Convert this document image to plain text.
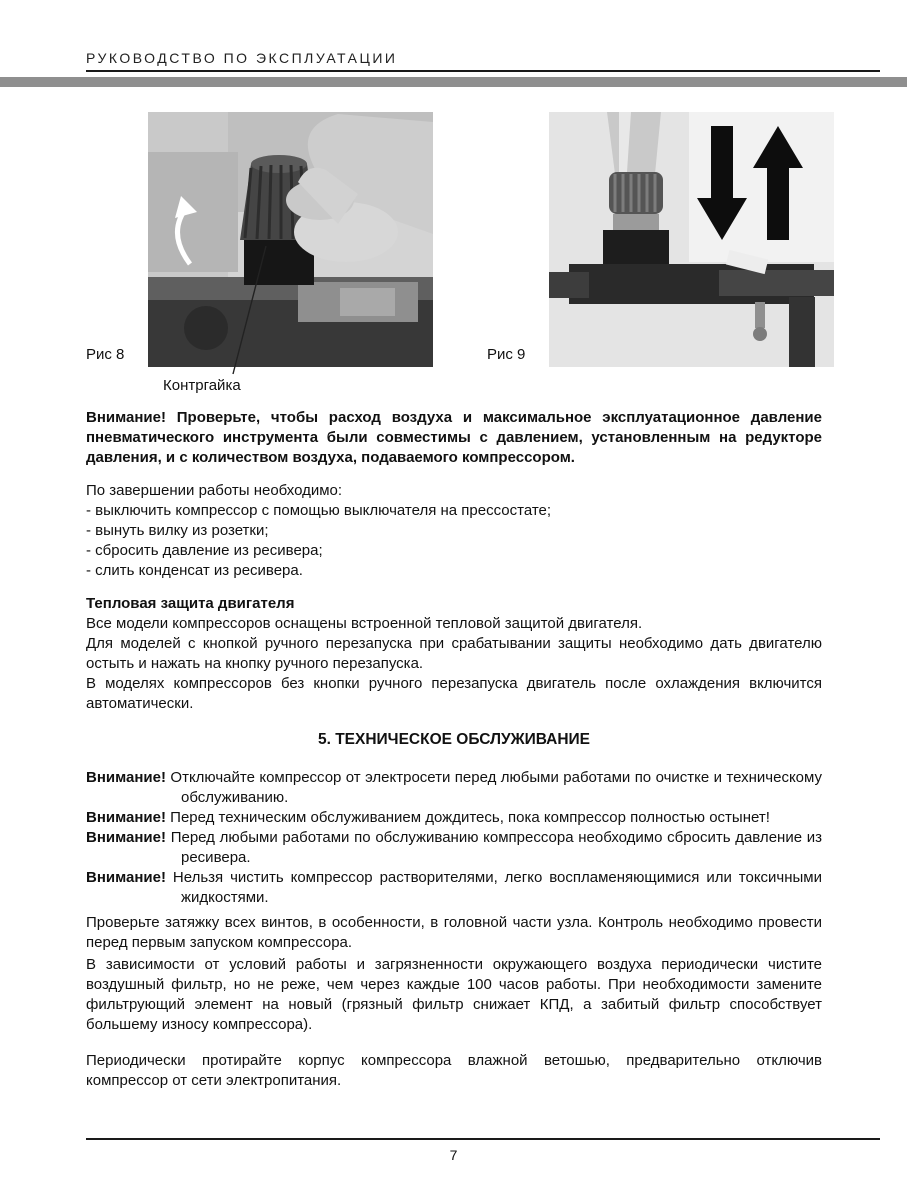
РУКОВОДСТВО ПО ЭКСПЛУАТАЦИИ
Рис 8	Рис 9
Контргайка

Внимание! Проверьте, чтобы расход воздуха и максимальное эксплуатационное давление пневматического инструмента были совместимы с давлением, установленным на редукторе давления, и с количеством воздуха, подаваемого компрессором.

По завершении работы необходимо:

- выключить компрессор с помощью выключателя на прессостате;

- вынуть вилку из розетки;

- сбросить давление из ресивера;

- слить конденсат из ресивера.

Тепловая защита двигателя

Все модели компрессоров оснащены встроенной тепловой защитой двигателя.

Для моделей с кнопкой ручного перезапуска при срабатывании защиты необходимо дать двигателю остыть и нажать на кнопку ручного перезапуска.

В моделях компрессоров без кнопки ручного перезапуска двигатель после охлаждения включится автоматически.

5. ТЕХНИЧЕСКОЕ ОБСЛУЖИВАНИЕ

Внимание! Отключайте компрессор от электросети перед любыми работами по очистке и техническому обслуживанию.

Внимание! Перед техническим обслуживанием дождитесь, пока компрессор полностью остынет!

Внимание! Перед любыми работами по обслуживанию компрессора необходимо сбросить давление из ресивера.

Внимание! Нельзя чистить компрессор растворителями, легко воспламеняющимися или токсичными жидкостями.

Проверьте затяжку всех винтов, в особенности, в головной части узла. Контроль необходимо провести перед первым запуском компрессора.

В зависимости от условий работы и загрязненности окружающего воздуха периодически чистите воздушный фильтр, но не реже, чем через каждые 100 часов работы. При необходимости замените фильтрующий элемент на новый (грязный фильтр снижает КПД, а забитый фильтр способствует большему износу компрессора).

Периодически протирайте корпус компрессора влажной ветошью, предварительно отключив компрессор от сети электропитания.

7
